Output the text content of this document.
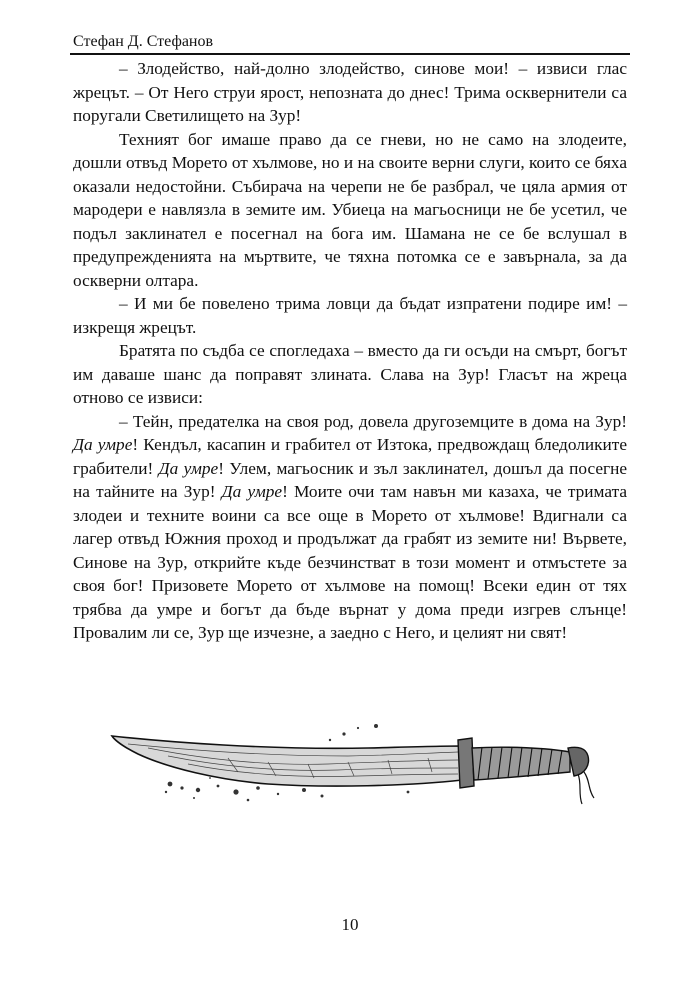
Стефан Д. Стефанов

– Злодейство, най-долно злодейство, синове мои! – извиси глас жрецът. – От Него струи ярост, непозната до днес! Трима осквернители са поругали Светилището на Зур!

Техният бог имаше право да се гневи, но не само на злодеите, дошли отвъд Морето от хълмове, но и на своите верни слуги, които се бяха оказали недостойни. Събирача на черепи не бе разбрал, че цяла армия от мародери е навлязла в земите им. Убиеца на магьосници не бе усетил, че подъл заклинател е посегнал на бога им. Шамана не се бе вслушал в предупрежденията на мъртвите, че тяхна потомка се е завърнала, за да оскверни олтара.

– И ми бе повелено трима ловци да бъдат изпратени подире им! – изкрещя жрецът.

Братята по съдба се спогледаха – вместо да ги осъди на смърт, богът им даваше шанс да поправят злината. Слава на Зур! Гласът на жреца отново се извиси:

– Тейн, предателка на своя род, довела другоземците в дома на Зур! Да умре! Кендъл, касапин и грабител от Изтока, предвождащ бледоликите грабители! Да умре! Улем, магьосник и зъл заклинател, дошъл да посегне на тайните на Зур! Да умре! Моите очи там навън ми казаха, че тримата злодеи и техните воини са все още в Морето от хълмове! Вдигнали са лагер отвъд Южния проход и продължат да грабят из земите ни! Вървете, Синове на Зур, открийте къде безчинстват в този момент и отмъстете за своя бог! Призовете Морето от хълмове на помощ! Всеки един от тях трябва да умре и богът да бъде върнат у дома преди изгрев слънце! Провалим ли се, Зур ще изчезне, а заедно с Него, и целият ни свят!

10
